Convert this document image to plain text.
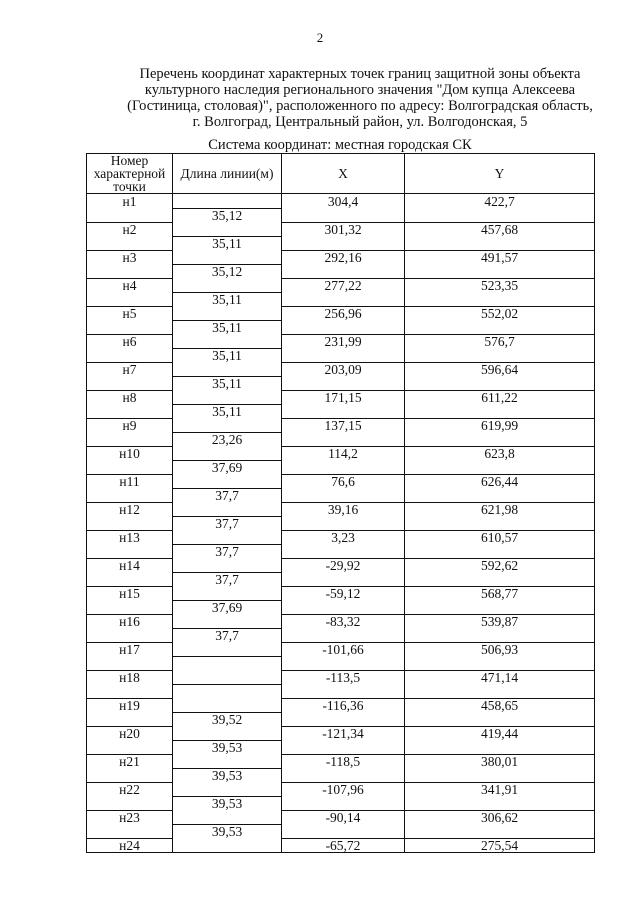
2
Перечень координат характерных точек границ защитной зоны объекта
культурного наследия регионального значения "Дом купца Алексеева
(Гостиница, столовая)", расположенного по адресу: Волгоградская область,
г. Волгоград, Центральный район, ул. Волгодонская, 5
Система координат: местная городская СК
Номер характерной точки	Длина линии(м)	X	Y
н1		304,4	422,7
	35,12		
н2		301,32	457,68
	35,11		
н3		292,16	491,57
	35,12		
н4		277,22	523,35
	35,11		
н5		256,96	552,02
	35,11		
н6		231,99	576,7
	35,11		
н7		203,09	596,64
	35,11		
н8		171,15	611,22
	35,11		
н9		137,15	619,99
	23,26		
н10		114,2	623,8
	37,69		
н11		76,6	626,44
	37,7		
н12		39,16	621,98
	37,7		
н13		3,23	610,57
	37,7		
н14		-29,92	592,62
	37,7		
н15		-59,12	568,77
	37,69		
н16		-83,32	539,87
	37,7		
н17		-101,66	506,93

н18		-113,5	471,14

н19		-116,36	458,65
	39,52		
н20		-121,34	419,44
	39,53		
н21		-118,5	380,01
	39,53		
н22		-107,96	341,91
	39,53		
н23		-90,14	306,62
	39,53		
н24		-65,72	275,54
